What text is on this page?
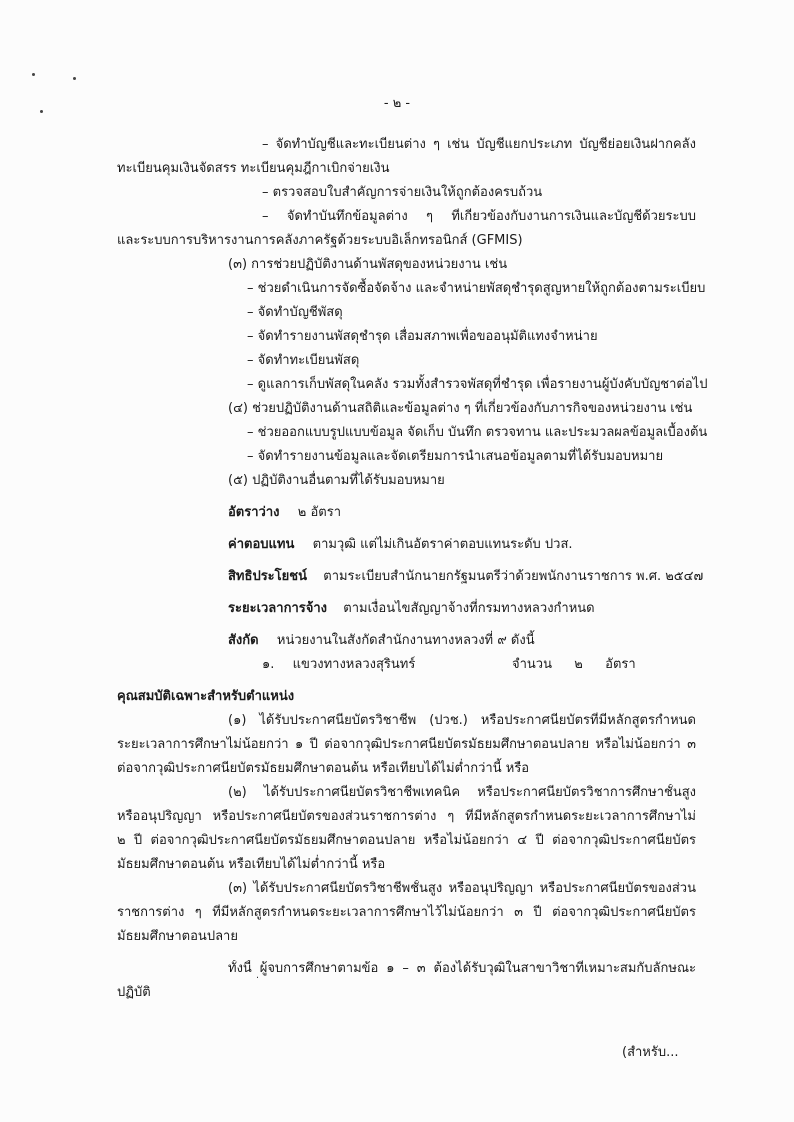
- ๒ -
– จัดทำบัญชีและทะเบียนต่าง ๆ เช่น บัญชีแยกประเภท บัญชีย่อยเงินฝากคลัง
ทะเบียนคุมเงินจัดสรร ทะเบียนคุมฎีกาเบิกจ่ายเงิน
– ตรวจสอบใบสำคัญการจ่ายเงินให้ถูกต้องครบถ้วน
– จัดทำบันทึกข้อมูลต่าง ๆ ที่เกี่ยวข้องกับงานการเงินและบัญชีด้วยระบบ
และระบบการบริหารงานการคลังภาครัฐด้วยระบบอิเล็กทรอนิกส์ (GFMIS)
(๓) การช่วยปฏิบัติงานด้านพัสดุของหน่วยงาน เช่น
– ช่วยดำเนินการจัดซื้อจัดจ้าง และจำหน่ายพัสดุชำรุดสูญหายให้ถูกต้องตามระเบียบ
– จัดทำบัญชีพัสดุ
– จัดทำรายงานพัสดุชำรุด เสื่อมสภาพเพื่อขออนุมัติแทงจำหน่าย
– จัดทำทะเบียนพัสดุ
– ดูแลการเก็บพัสดุในคลัง รวมทั้งสำรวจพัสดุที่ชำรุด เพื่อรายงานผู้บังคับบัญชาต่อไป
(๔) ช่วยปฏิบัติงานด้านสถิติและข้อมูลต่าง ๆ ที่เกี่ยวข้องกับภารกิจของหน่วยงาน เช่น
– ช่วยออกแบบรูปแบบข้อมูล จัดเก็บ บันทึก ตรวจทาน และประมวลผลข้อมูลเบื้องต้น
– จัดทำรายงานข้อมูลและจัดเตรียมการนำเสนอข้อมูลตามที่ได้รับมอบหมาย
(๕) ปฏิบัติงานอื่นตามที่ได้รับมอบหมาย
อัตราว่าง ๒ อัตรา
ค่าตอบแทน ตามวุฒิ แต่ไม่เกินอัตราค่าตอบแทนระดับ ปวส.
สิทธิประโยชน์ ตามระเบียบสำนักนายกรัฐมนตรีว่าด้วยพนักงานราชการ พ.ศ. ๒๕๔๗
ระยะเวลาการจ้าง ตามเงื่อนไขสัญญาจ้างที่กรมทางหลวงกำหนด
สังกัด หน่วยงานในสังกัดสำนักงานทางหลวงที่ ๙ ดังนี้
๑. แขวงทางหลวงสุรินทร์	จำนวน ๒ อัตรา
คุณสมบัติเฉพาะสำหรับตำแหน่ง
(๑) ได้รับประกาศนียบัตรวิชาชีพ (ปวช.) หรือประกาศนียบัตรที่มีหลักสูตรกำหนด
ระยะเวลาการศึกษาไม่น้อยกว่า ๑ ปี ต่อจากวุฒิประกาศนียบัตรมัธยมศึกษาตอนปลาย หรือไม่น้อยกว่า ๓
ต่อจากวุฒิประกาศนียบัตรมัธยมศึกษาตอนต้น หรือเทียบได้ไม่ต่ำกว่านี้ หรือ
(๒) ได้รับประกาศนียบัตรวิชาชีพเทคนิค หรือประกาศนียบัตรวิชาการศึกษาชั้นสูง
หรืออนุปริญญา หรือประกาศนียบัตรของส่วนราชการต่าง ๆ ที่มีหลักสูตรกำหนดระยะเวลาการศึกษาไม่
๒ ปี ต่อจากวุฒิประกาศนียบัตรมัธยมศึกษาตอนปลาย หรือไม่น้อยกว่า ๔ ปี ต่อจากวุฒิประกาศนียบัตร
มัธยมศึกษาตอนต้น หรือเทียบได้ไม่ต่ำกว่านี้ หรือ
(๓) ได้รับประกาศนียบัตรวิชาชีพชั้นสูง หรืออนุปริญญา หรือประกาศนียบัตรของส่วน
ราชการต่าง ๆ ที่มีหลักสูตรกำหนดระยะเวลาการศึกษาไว้ไม่น้อยกว่า ๓ ปี ต่อจากวุฒิประกาศนียบัตร
มัธยมศึกษาตอนปลาย
ทั้งนี้ ผู้จบการศึกษาตามข้อ ๑ – ๓ ต้องได้รับวุฒิในสาขาวิชาที่เหมาะสมกับลักษณะ
ปฏิบัติ
(สำหรับ...
